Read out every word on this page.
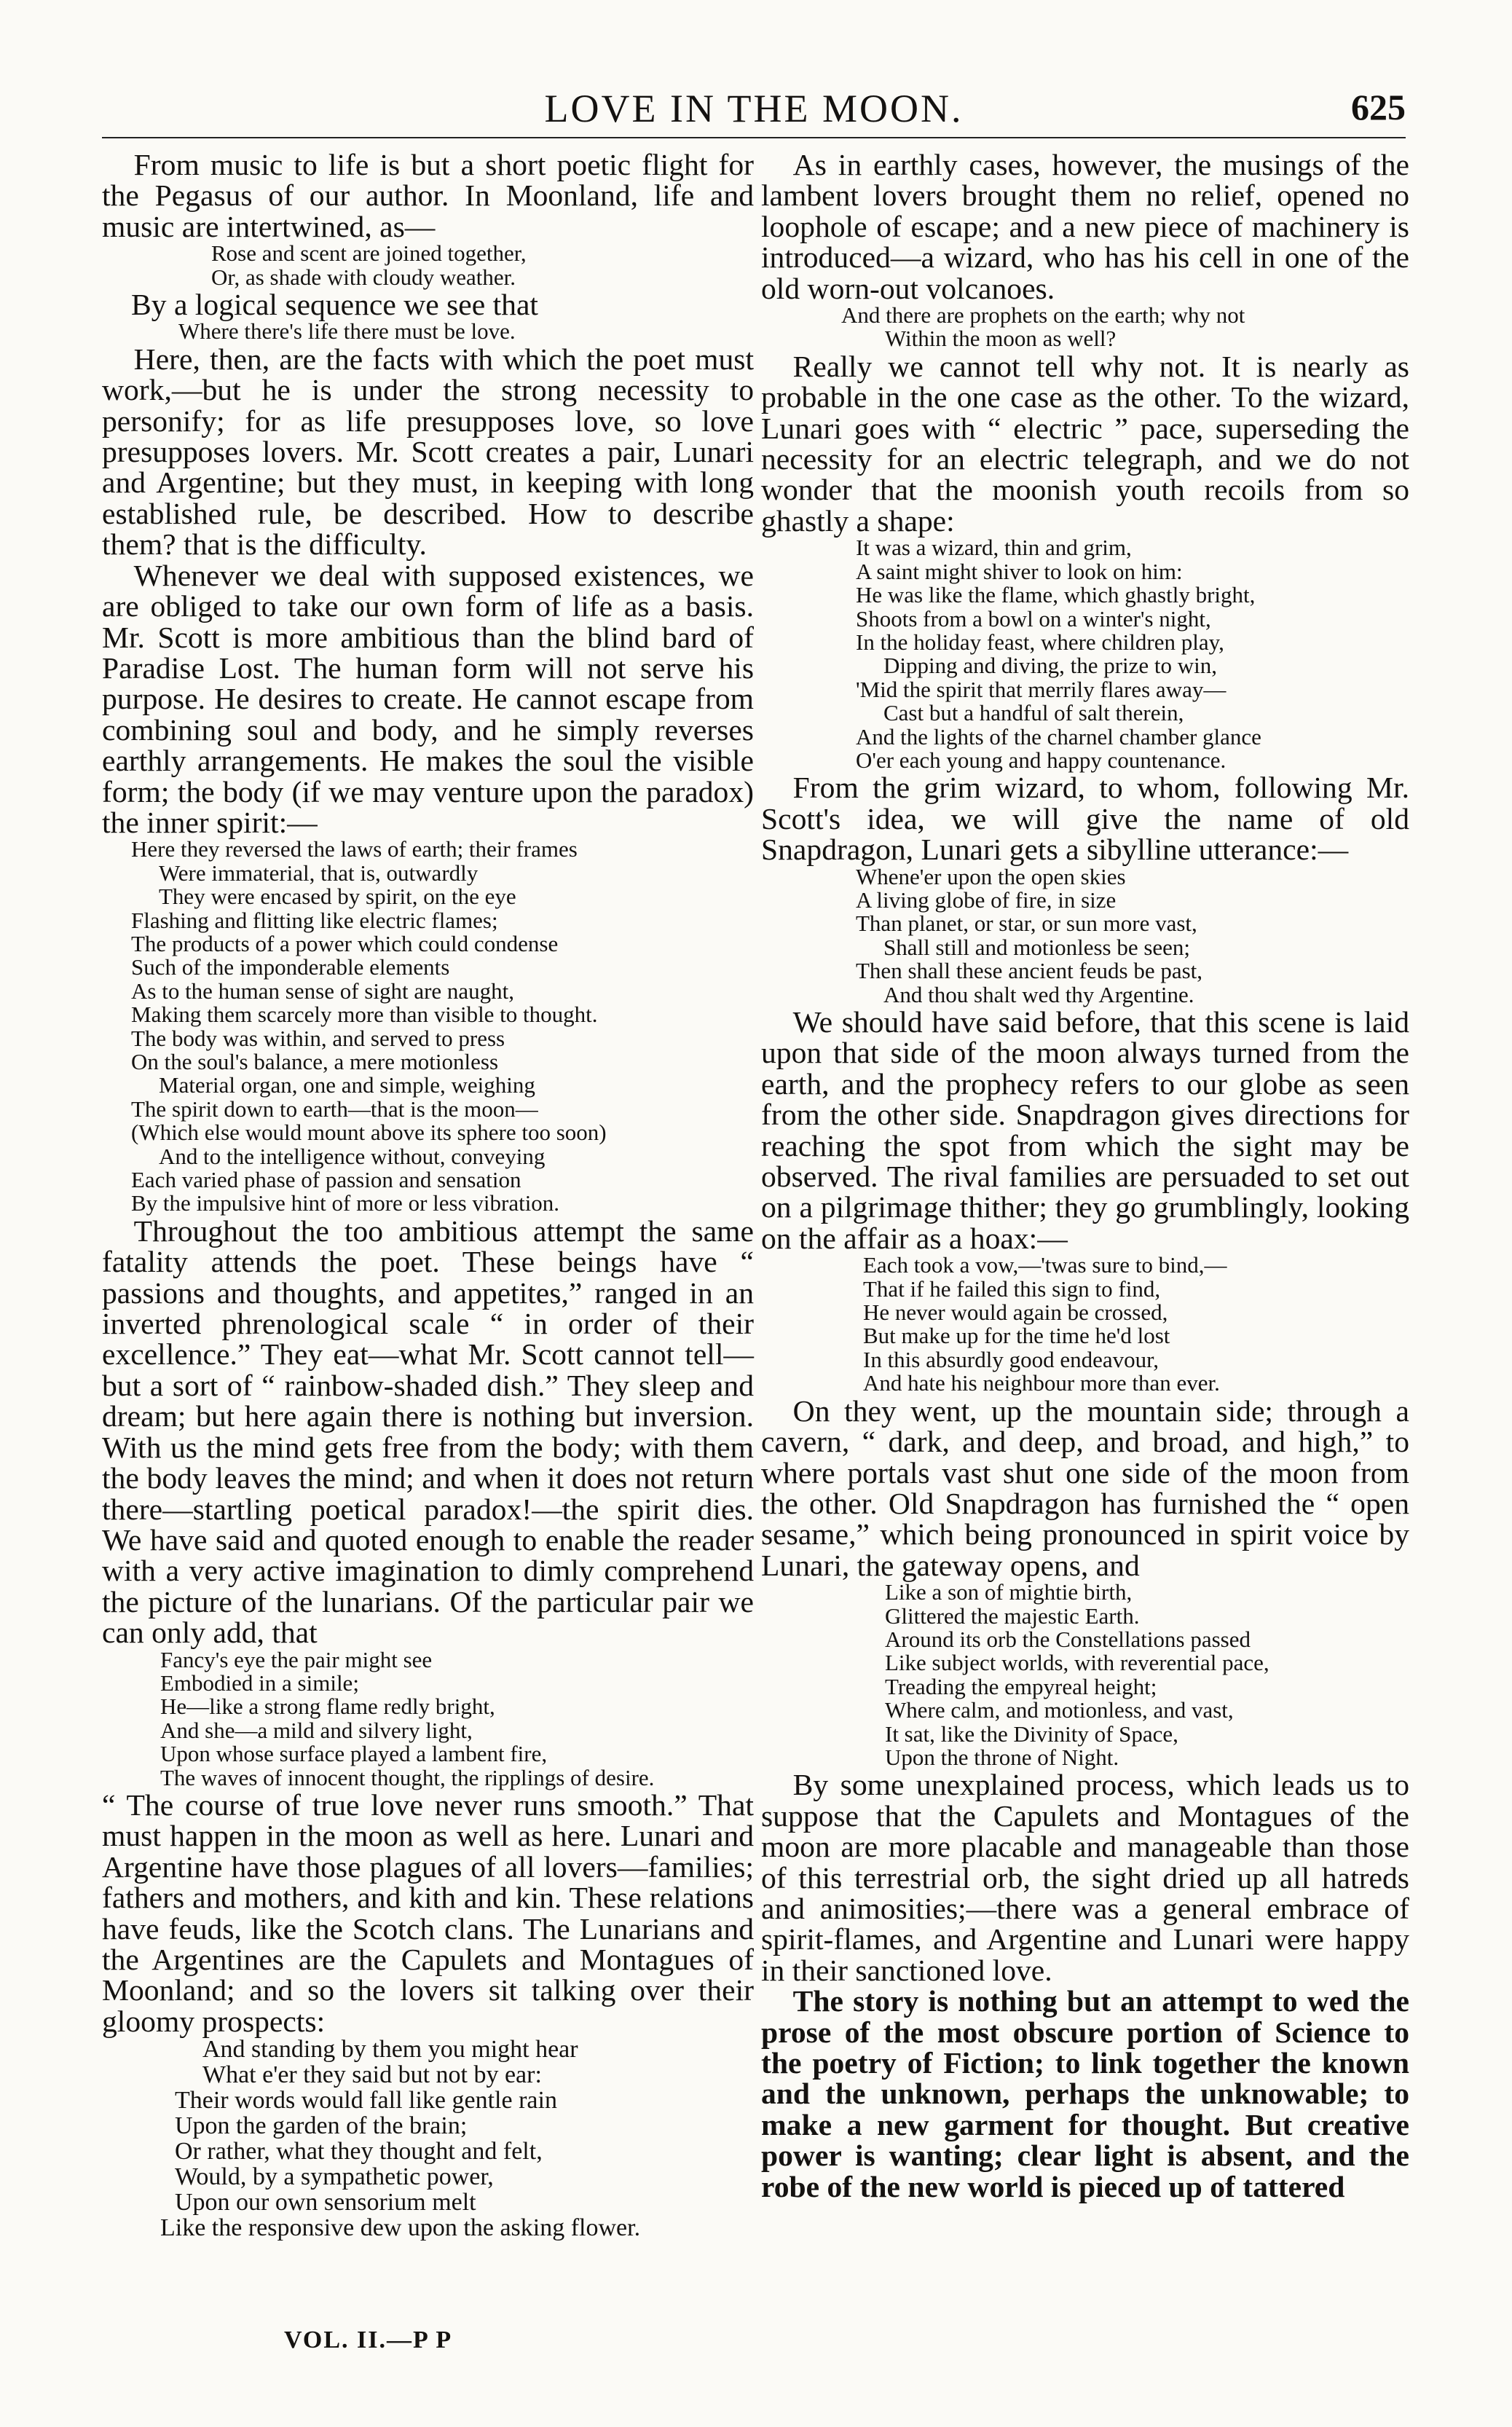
LOVE IN THE MOON.	625

From music to life is but a short poetic flight for the Pegasus of our author. In Moonland, life and music are intertwined, as—

Rose and scent are joined together,
Or, as shade with cloudy weather.

By a logical sequence we see that

Where there's life there must be love.

Here, then, are the facts with which the poet must work,—but he is under the strong necessity to personify; for as life presupposes love, so love presupposes lovers. Mr. Scott creates a pair, Lunari and Argentine; but they must, in keeping with long established rule, be described. How to describe them? that is the difficulty.

Whenever we deal with supposed existences, we are obliged to take our own form of life as a basis. Mr. Scott is more ambitious than the blind bard of Paradise Lost. The human form will not serve his purpose. He desires to create. He cannot escape from combining soul and body, and he simply reverses earthly arrangements. He makes the soul the visible form; the body (if we may venture upon the paradox) the inner spirit:—

Here they reversed the laws of earth; their frames
Were immaterial, that is, outwardly
They were encased by spirit, on the eye
Flashing and flitting like electric flames;
The products of a power which could condense
Such of the imponderable elements
As to the human sense of sight are naught,
Making them scarcely more than visible to thought.
The body was within, and served to press
On the soul's balance, a mere motionless
Material organ, one and simple, weighing
The spirit down to earth—that is the moon—
(Which else would mount above its sphere too soon)
And to the intelligence without, conveying
Each varied phase of passion and sensation
By the impulsive hint of more or less vibration.

Throughout the too ambitious attempt the same fatality attends the poet. These beings have “ passions and thoughts, and appetites,” ranged in an inverted phrenological scale “ in order of their excellence.” They eat—what Mr. Scott cannot tell—but a sort of “ rainbow-shaded dish.” They sleep and dream; but here again there is nothing but inversion. With us the mind gets free from the body; with them the body leaves the mind; and when it does not return there—startling poetical paradox!—the spirit dies. We have said and quoted enough to enable the reader with a very active imagination to dimly comprehend the picture of the lunarians. Of the particular pair we can only add, that

Fancy's eye the pair might see
Embodied in a simile;
He—like a strong flame redly bright,
And she—a mild and silvery light,
Upon whose surface played a lambent fire,
The waves of innocent thought, the ripplings of desire.

“ The course of true love never runs smooth.” That must happen in the moon as well as here. Lunari and Argentine have those plagues of all lovers—families; fathers and mothers, and kith and kin. These relations have feuds, like the Scotch clans. The Lunarians and the Argentines are the Capulets and Montagues of Moonland; and so the lovers sit talking over their gloomy prospects:

And standing by them you might hear
What e'er they said but not by ear:
Their words would fall like gentle rain
Upon the garden of the brain;
Or rather, what they thought and felt,
Would, by a sympathetic power,
Upon our own sensorium melt
Like the responsive dew upon the asking flower.

As in earthly cases, however, the musings of the lambent lovers brought them no relief, opened no loophole of escape; and a new piece of machinery is introduced—a wizard, who has his cell in one of the old worn-out volcanoes.

And there are prophets on the earth; why not
Within the moon as well?

Really we cannot tell why not. It is nearly as probable in the one case as the other. To the wizard, Lunari goes with “ electric ” pace, superseding the necessity for an electric telegraph, and we do not wonder that the moonish youth recoils from so ghastly a shape:

It was a wizard, thin and grim,
A saint might shiver to look on him:
He was like the flame, which ghastly bright,
Shoots from a bowl on a winter's night,
In the holiday feast, where children play,
Dipping and diving, the prize to win,
'Mid the spirit that merrily flares away—
Cast but a handful of salt therein,
And the lights of the charnel chamber glance
O'er each young and happy countenance.

From the grim wizard, to whom, following Mr. Scott's idea, we will give the name of old Snapdragon, Lunari gets a sibylline utterance:—

Whene'er upon the open skies
A living globe of fire, in size
Than planet, or star, or sun more vast,
Shall still and motionless be seen;
Then shall these ancient feuds be past,
And thou shalt wed thy Argentine.

We should have said before, that this scene is laid upon that side of the moon always turned from the earth, and the prophecy refers to our globe as seen from the other side. Snapdragon gives directions for reaching the spot from which the sight may be observed. The rival families are persuaded to set out on a pilgrimage thither; they go grumblingly, looking on the affair as a hoax:—

Each took a vow,—'twas sure to bind,—
That if he failed this sign to find,
He never would again be crossed,
But make up for the time he'd lost
In this absurdly good endeavour,
And hate his neighbour more than ever.

On they went, up the mountain side; through a cavern, “ dark, and deep, and broad, and high,” to where portals vast shut one side of the moon from the other. Old Snapdragon has furnished the “ open sesame,” which being pronounced in spirit voice by Lunari, the gateway opens, and

Like a son of mightie birth,
Glittered the majestic Earth.
Around its orb the Constellations passed
Like subject worlds, with reverential pace,
Treading the empyreal height;
Where calm, and motionless, and vast,
It sat, like the Divinity of Space,
Upon the throne of Night.

By some unexplained process, which leads us to suppose that the Capulets and Montagues of the moon are more placable and manageable than those of this terrestrial orb, the sight dried up all hatreds and animosities;—there was a general embrace of spirit-flames, and Argentine and Lunari were happy in their sanctioned love.

The story is nothing but an attempt to wed the prose of the most obscure portion of Science to the poetry of Fiction; to link together the known and the unknown, perhaps the unknowable; to make a new garment for thought. But creative power is wanting; clear light is absent, and the robe of the new world is pieced up of tattered

VOL. II.—P P
